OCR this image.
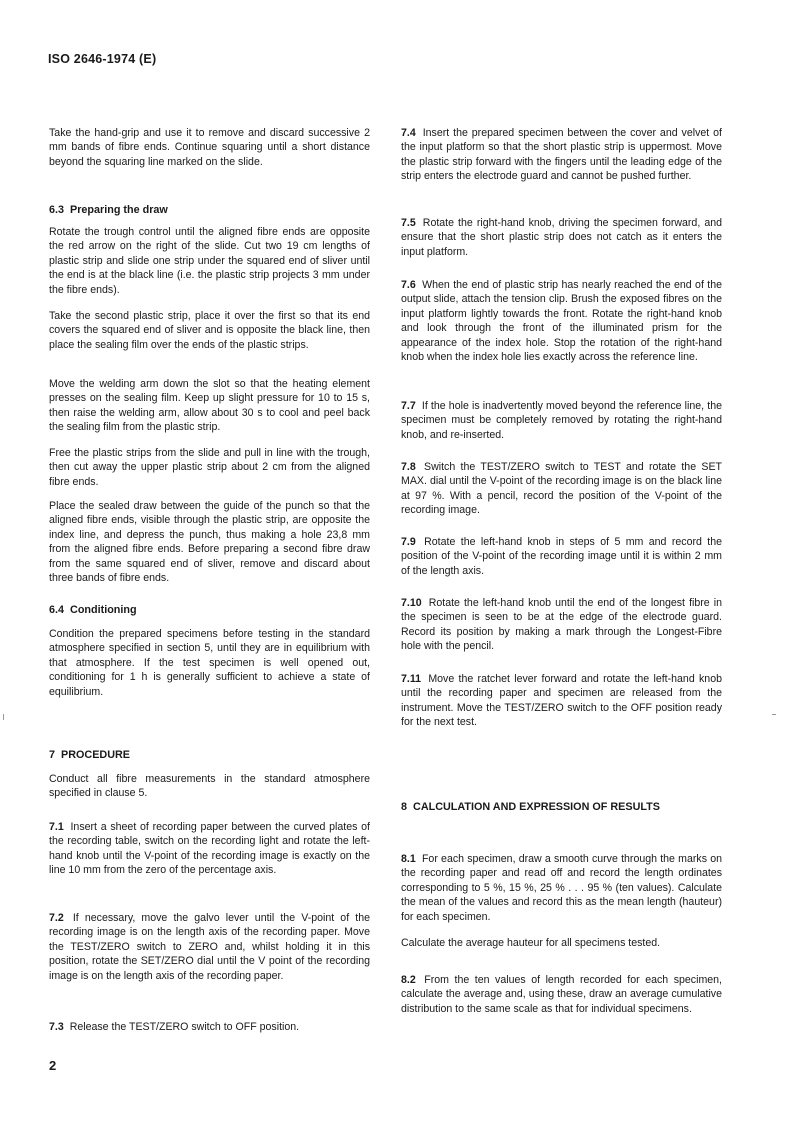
ISO 2646-1974 (E)

Take the hand-grip and use it to remove and discard successive 2 mm bands of fibre ends. Continue squaring until a short distance beyond the squaring line marked on the slide.

6.3 Preparing the draw

Rotate the trough control until the aligned fibre ends are opposite the red arrow on the right of the slide. Cut two 19 cm lengths of plastic strip and slide one strip under the squared end of sliver until the end is at the black line (i.e. the plastic strip projects 3 mm under the fibre ends).

Take the second plastic strip, place it over the first so that its end covers the squared end of sliver and is opposite the black line, then place the sealing film over the ends of the plastic strips.

Move the welding arm down the slot so that the heating element presses on the sealing film. Keep up slight pressure for 10 to 15 s, then raise the welding arm, allow about 30 s to cool and peel back the sealing film from the plastic strip.

Free the plastic strips from the slide and pull in line with the trough, then cut away the upper plastic strip about 2 cm from the aligned fibre ends.

Place the sealed draw between the guide of the punch so that the aligned fibre ends, visible through the plastic strip, are opposite the index line, and depress the punch, thus making a hole 23,8 mm from the aligned fibre ends. Before preparing a second fibre draw from the same squared end of sliver, remove and discard about three bands of fibre ends.

6.4 Conditioning

Condition the prepared specimens before testing in the standard atmosphere specified in section 5, until they are in equilibrium with that atmosphere. If the test specimen is well opened out, conditioning for 1 h is generally sufficient to achieve a state of equilibrium.

7 PROCEDURE

Conduct all fibre measurements in the standard atmosphere specified in clause 5.

7.1 Insert a sheet of recording paper between the curved plates of the recording table, switch on the recording light and rotate the left-hand knob until the V-point of the recording image is exactly on the line 10 mm from the zero of the percentage axis.

7.2 If necessary, move the galvo lever until the V-point of the recording image is on the length axis of the recording paper. Move the TEST/ZERO switch to ZERO and, whilst holding it in this position, rotate the SET/ZERO dial until the V point of the recording image is on the length axis of the recording paper.

7.3 Release the TEST/ZERO switch to OFF position.

7.4 Insert the prepared specimen between the cover and velvet of the input platform so that the short plastic strip is uppermost. Move the plastic strip forward with the fingers until the leading edge of the strip enters the electrode guard and cannot be pushed further.

7.5 Rotate the right-hand knob, driving the specimen forward, and ensure that the short plastic strip does not catch as it enters the input platform.

7.6 When the end of plastic strip has nearly reached the end of the output slide, attach the tension clip. Brush the exposed fibres on the input platform lightly towards the front. Rotate the right-hand knob and look through the front of the illuminated prism for the appearance of the index hole. Stop the rotation of the right-hand knob when the index hole lies exactly across the reference line.

7.7 If the hole is inadvertently moved beyond the reference line, the specimen must be completely removed by rotating the right-hand knob, and re-inserted.

7.8 Switch the TEST/ZERO switch to TEST and rotate the SET MAX. dial until the V-point of the recording image is on the black line at 97 %. With a pencil, record the position of the V-point of the recording image.

7.9 Rotate the left-hand knob in steps of 5 mm and record the position of the V-point of the recording image until it is within 2 mm of the length axis.

7.10 Rotate the left-hand knob until the end of the longest fibre in the specimen is seen to be at the edge of the electrode guard. Record its position by making a mark through the Longest-Fibre hole with the pencil.

7.11 Move the ratchet lever forward and rotate the left-hand knob until the recording paper and specimen are released from the instrument. Move the TEST/ZERO switch to the OFF position ready for the next test.

8 CALCULATION AND EXPRESSION OF RESULTS

8.1 For each specimen, draw a smooth curve through the marks on the recording paper and read off and record the length ordinates corresponding to 5 %, 15 %, 25 % . . . 95 % (ten values). Calculate the mean of the values and record this as the mean length (hauteur) for each specimen.

Calculate the average hauteur for all specimens tested.

8.2 From the ten values of length recorded for each specimen, calculate the average and, using these, draw an average cumulative distribution to the same scale as that for individual specimens.

2
